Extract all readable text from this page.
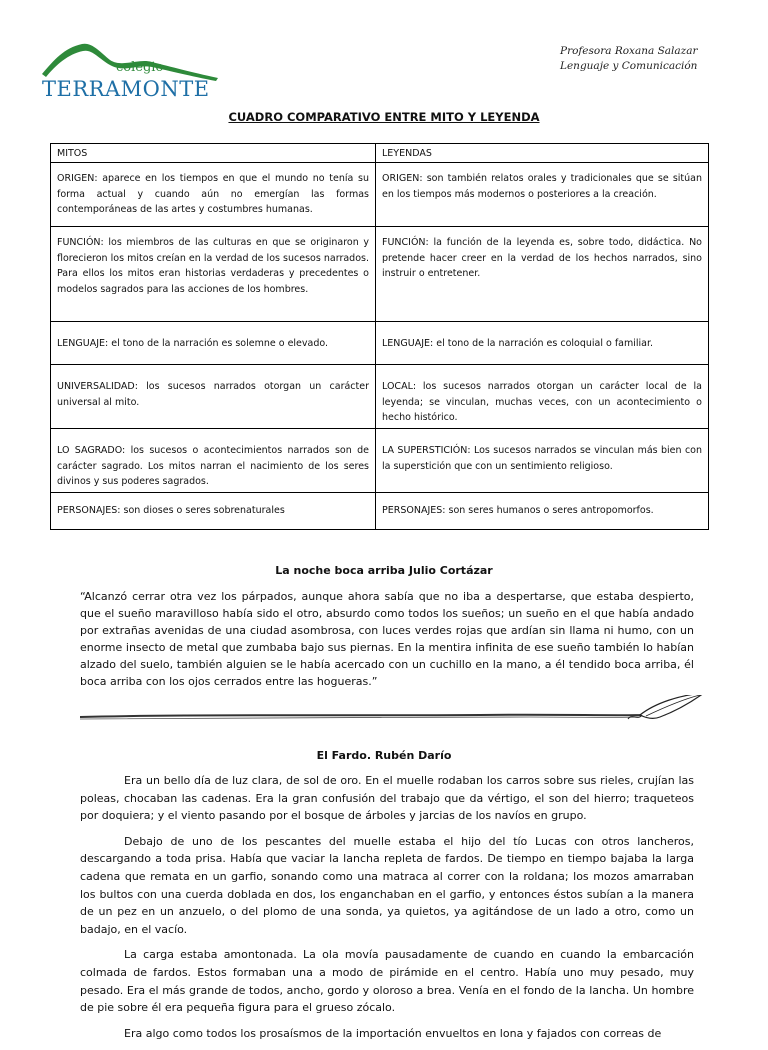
colegio
TERRAMONTE
Profesora Roxana Salazar
Lenguaje y Comunicación
CUADRO COMPARATIVO ENTRE MITO Y LEYENDA
MITOS	LEYENDAS
ORIGEN: aparece en los tiempos en que el mundo no tenía su forma actual y cuando aún no emergían las formas contemporáneas de las artes y costumbres humanas.	ORIGEN: son también relatos orales y tradicionales que se sitúan en los tiempos más modernos o posteriores a la creación.
FUNCIÓN: los miembros de las culturas en que se originaron y florecieron los mitos creían en la verdad de los sucesos narrados. Para ellos los mitos eran historias verdaderas y precedentes o modelos sagrados para las acciones de los hombres.	FUNCIÓN: la función de la leyenda es, sobre todo, didáctica. No pretende hacer creer en la verdad de los hechos narrados, sino instruir o entretener.
LENGUAJE: el tono de la narración es solemne o elevado.	LENGUAJE: el tono de la narración es coloquial o familiar.
UNIVERSALIDAD: los sucesos narrados otorgan un carácter universal al mito.	LOCAL: los sucesos narrados otorgan un carácter local de la leyenda; se vinculan, muchas veces, con un acontecimiento o hecho histórico.
LO SAGRADO: los sucesos o acontecimientos narrados son de carácter sagrado. Los mitos narran el nacimiento de los seres divinos y sus poderes sagrados.	LA SUPERSTICIÓN: Los sucesos narrados se vinculan más bien con la superstición que con un sentimiento religioso.
PERSONAJES: son dioses o seres sobrenaturales	PERSONAJES: son seres humanos o seres antropomorfos.
La noche boca arriba Julio Cortázar
“Alcanzó cerrar otra vez los párpados, aunque ahora sabía que no iba a despertarse, que estaba despierto, que el sueño maravilloso había sido el otro, absurdo como todos los sueños; un sueño en el que había andado por extrañas avenidas de una ciudad asombrosa, con luces verdes rojas que ardían sin llama ni humo, con un enorme insecto de metal que zumbaba bajo sus piernas. En la mentira infinita de ese sueño también lo habían alzado del suelo, también alguien se le había acercado con un cuchillo en la mano, a él tendido boca arriba, él boca arriba con los ojos cerrados entre las hogueras.”
El Fardo. Rubén Darío

Era un bello día de luz clara, de sol de oro. En el muelle rodaban los carros sobre sus rieles, crujían las poleas, chocaban las cadenas. Era la gran confusión del trabajo que da vértigo, el son del hierro; traqueteos por doquiera; y el viento pasando por el bosque de árboles y jarcias de los navíos en grupo.

Debajo de uno de los pescantes del muelle estaba el hijo del tío Lucas con otros lancheros, descargando a toda prisa. Había que vaciar la lancha repleta de fardos. De tiempo en tiempo bajaba la larga cadena que remata en un garfio, sonando como una matraca al correr con la roldana; los mozos amarraban los bultos con una cuerda doblada en dos, los enganchaban en el garfio, y entonces éstos subían a la manera de un pez en un anzuelo, o del plomo de una sonda, ya quietos, ya agitándose de un lado a otro, como un badajo, en el vacío.

La carga estaba amontonada. La ola movía pausadamente de cuando en cuando la embarcación colmada de fardos. Estos formaban una a modo de pirámide en el centro. Había uno muy pesado, muy pesado. Era el más grande de todos, ancho, gordo y oloroso a brea. Venía en el fondo de la lancha. Un hombre de pie sobre él era pequeña figura para el grueso zócalo.

Era algo como todos los prosaísmos de la importación envueltos en lona y fajados con correas de
